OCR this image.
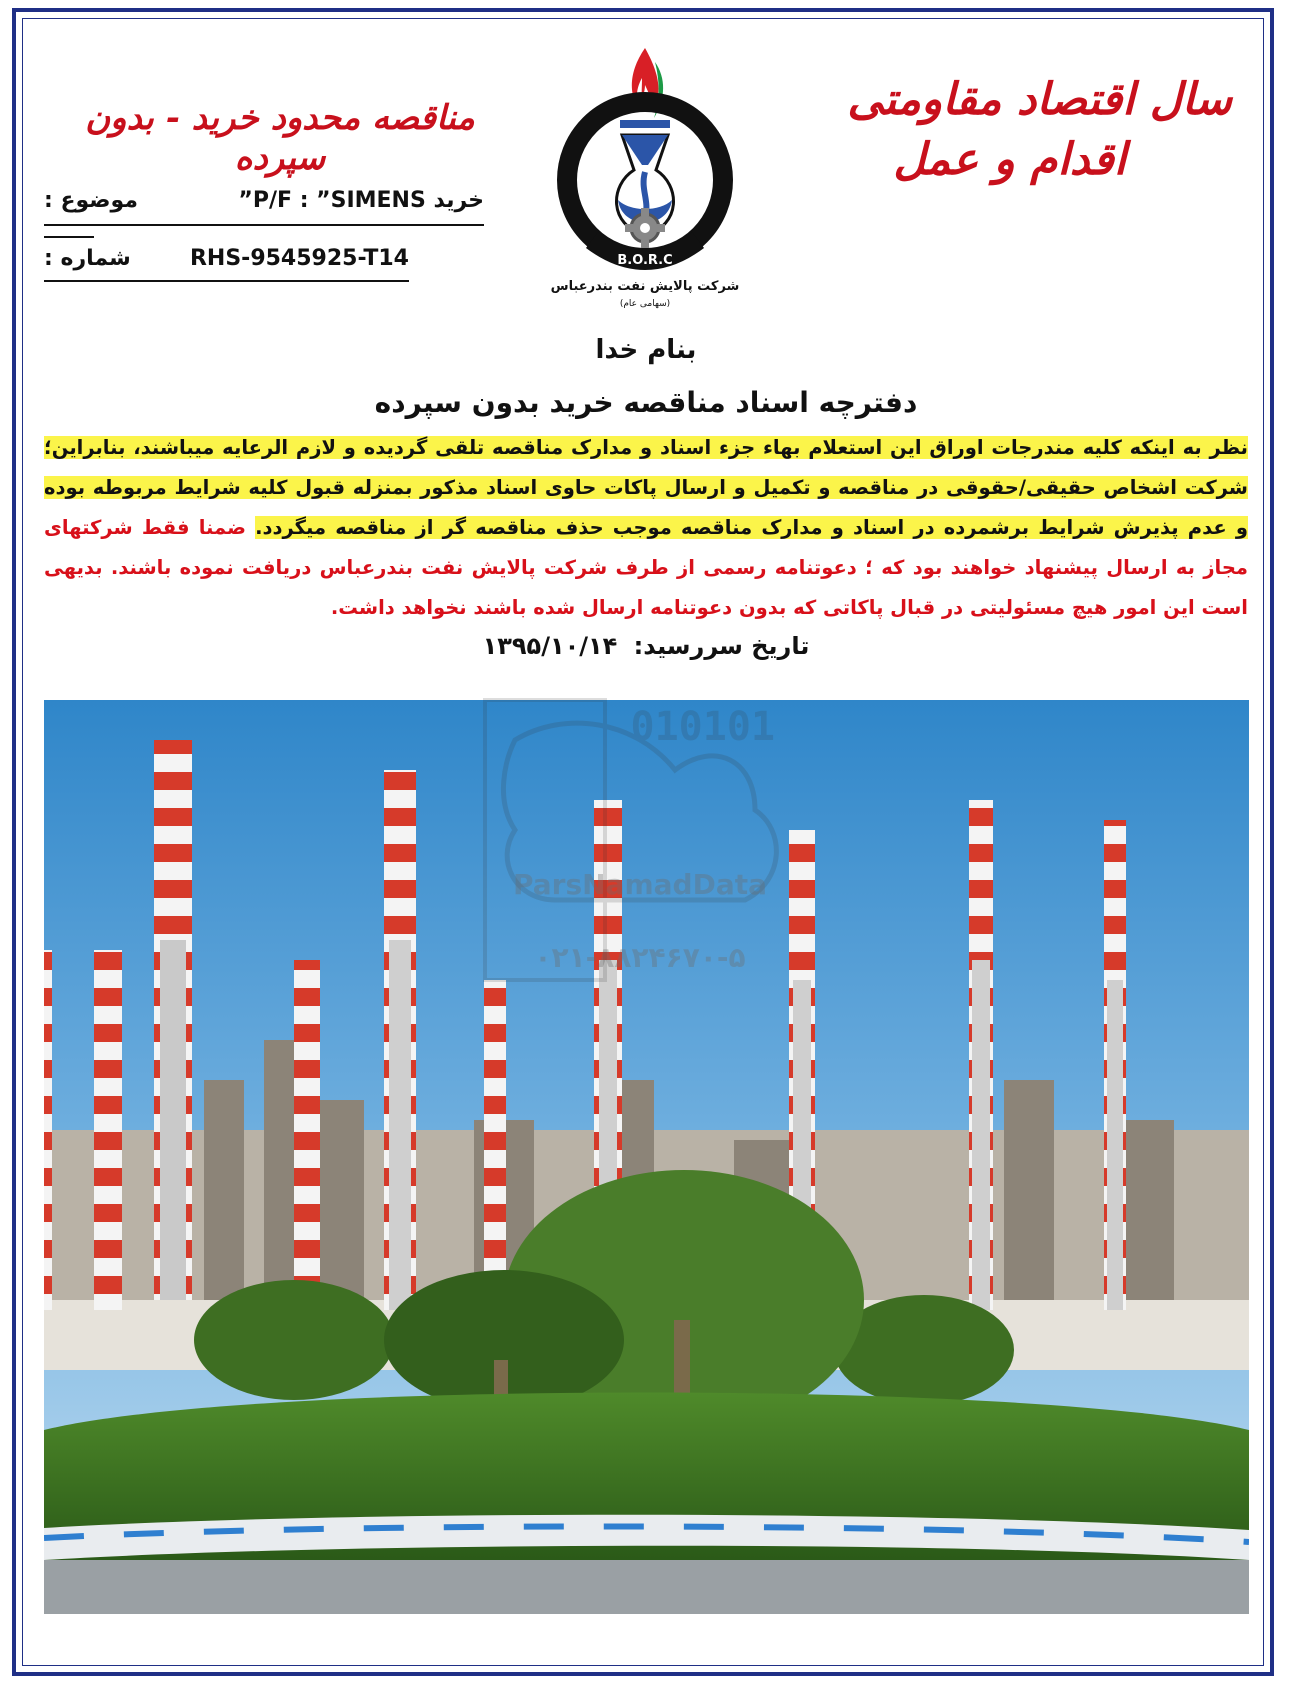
سال اقتصاد مقاومتی
اقدام و عمل
مناقصه محدود خرید - بدون سپرده
خرید P/F : ”SIMENS”
موضوع :
RHS-9545925-T14
شماره :	B.O.R.C
شرکت پالایش نفت بندرعباس
(سهامی عام)
بنام خدا
دفترچه اسناد مناقصه خرید بدون سپرده
نظر به اینکه کلیه مندرجات اوراق این استعلام بهاء جزء اسناد و مدارک مناقصه تلقی گردیده و لازم الرعایه میباشند، بنابراین؛ شرکت اشخاص حقیقی/حقوقی در مناقصه و تکمیل و ارسال پاکات حاوی اسناد مذکور بمنزله قبول کلیه شرایط مربوطه بوده و عدم پذیرش شرایط برشمرده در اسناد و مدارک مناقصه موجب حذف مناقصه گر از مناقصه میگردد. ضمنا فقط شرکتهای مجاز به ارسال پیشنهاد خواهند بود که ؛ دعوتنامه رسمی از طرف شرکت پالایش نفت بندرعباس دریافت نموده باشند. بدیهی است این امور هیچ مسئولیتی در قبال پاکاتی که بدون دعوتنامه ارسال شده باشند نخواهد داشت.
تاریخ سررسید: ۱۳۹۵/۱۰/۱۴
010101
ParsNamadData
۰۲۱-۸۸۲۴۶۷۰-۵
